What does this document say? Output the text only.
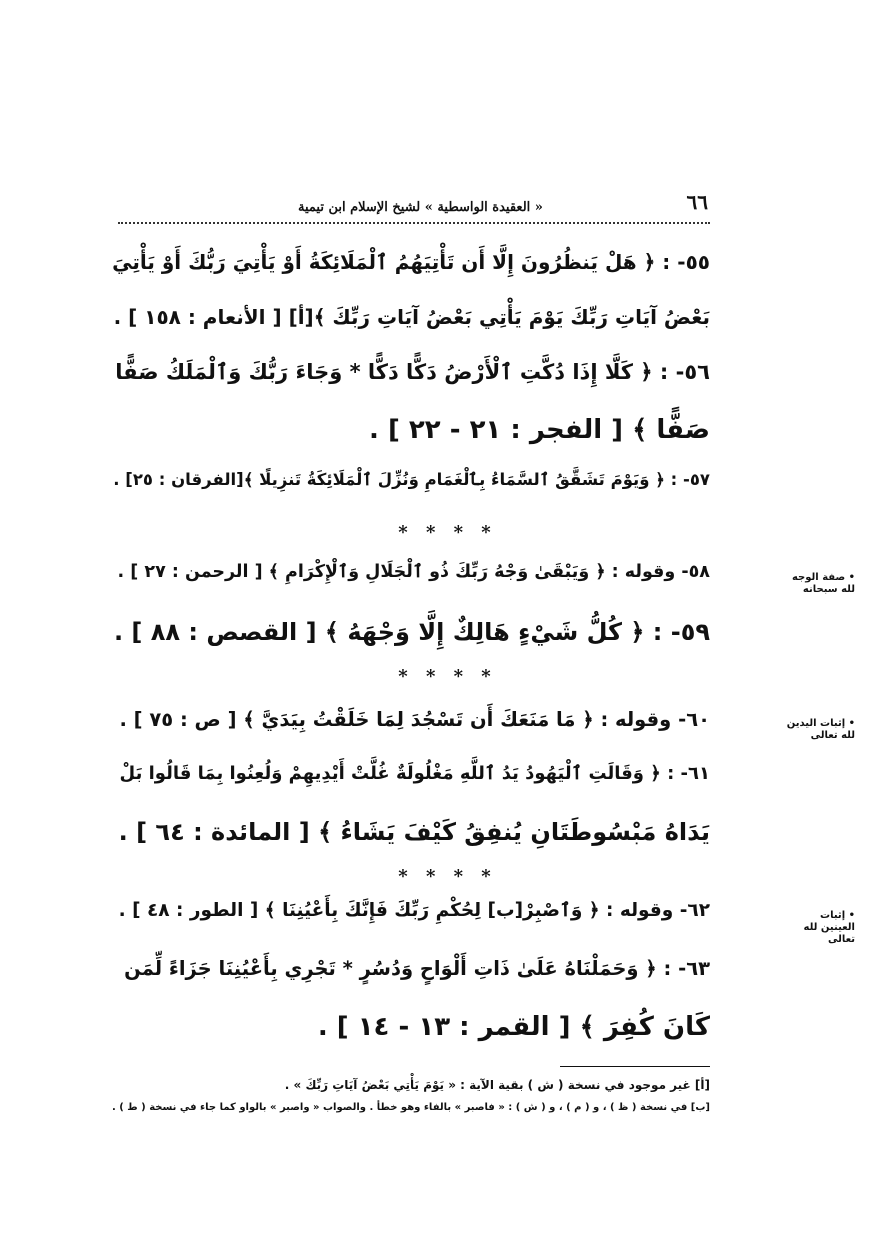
٦٦
« العقيدة الواسطية » لشيخ الإسلام ابن تيمية
٥٥- : ﴿ هَلْ يَنظُرُونَ إِلَّا أَن تَأْتِيَهُمُ ٱلْمَلَائِكَةُ أَوْ يَأْتِيَ رَبُّكَ أَوْ يَأْتِيَ
بَعْضُ آيَاتِ رَبِّكَ يَوْمَ يَأْتِي بَعْضُ آيَاتِ رَبِّكَ ﴾[أ] [ الأنعام : ١٥٨ ] .
٥٦- : ﴿ كَلَّا إِذَا دُكَّتِ ٱلْأَرْضُ دَكًّا دَكًّا * وَجَاءَ رَبُّكَ وَٱلْمَلَكُ صَفًّا
صَفًّا ﴾ [ الفجر : ٢١ - ٢٢ ] .
٥٧- : ﴿ وَيَوْمَ تَشَقَّقُ ٱلسَّمَاءُ بِٱلْغَمَامِ وَنُزِّلَ ٱلْمَلَائِكَةُ تَنزِيلًا ﴾[الفرقان : ٢٥] .
* * * *
• صفة الوجه لله سبحانه
٥٨- وقوله : ﴿ وَيَبْقَىٰ وَجْهُ رَبِّكَ ذُو ٱلْجَلَالِ وَٱلْإِكْرَامِ ﴾ [ الرحمن : ٢٧ ] .
٥٩- : ﴿ كُلُّ شَيْءٍ هَالِكٌ إِلَّا وَجْهَهُ ﴾ [ القصص : ٨٨ ] .
* * * *
• إثبات اليدين لله تعالى
٦٠- وقوله : ﴿ مَا مَنَعَكَ أَن تَسْجُدَ لِمَا خَلَقْتُ بِيَدَيَّ ﴾ [ ص : ٧٥ ] .
٦١- : ﴿ وَقَالَتِ ٱلْيَهُودُ يَدُ ٱللَّهِ مَغْلُولَةٌ غُلَّتْ أَيْدِيهِمْ وَلُعِنُوا بِمَا قَالُوا بَلْ
يَدَاهُ مَبْسُوطَتَانِ يُنفِقُ كَيْفَ يَشَاءُ ﴾ [ المائدة : ٦٤ ] .
* * * *
• إثبات العينين لله تعالى
٦٢- وقوله : ﴿ وَٱصْبِرْ[ب] لِحُكْمِ رَبِّكَ فَإِنَّكَ بِأَعْيُنِنَا ﴾ [ الطور : ٤٨ ] .
٦٣- : ﴿ وَحَمَلْنَاهُ عَلَىٰ ذَاتِ أَلْوَاحٍ وَدُسُرٍ * تَجْرِي بِأَعْيُنِنَا جَزَاءً لِّمَن
كَانَ كُفِرَ ﴾ [ القمر : ١٣ - ١٤ ] .
[أ] غير موجود في نسخة ( ش ) بقية الآية : « يَوْمَ يَأْتِي بَعْضُ آيَاتِ رَبِّكَ » .
[ب] في نسخة ( ظ ) ، و ( م ) ، و ( ش ) : « فاصبر » بالفاء وهو خطأ . والصواب « واصبر » بالواو كما جاء في نسخة ( ط ) .
